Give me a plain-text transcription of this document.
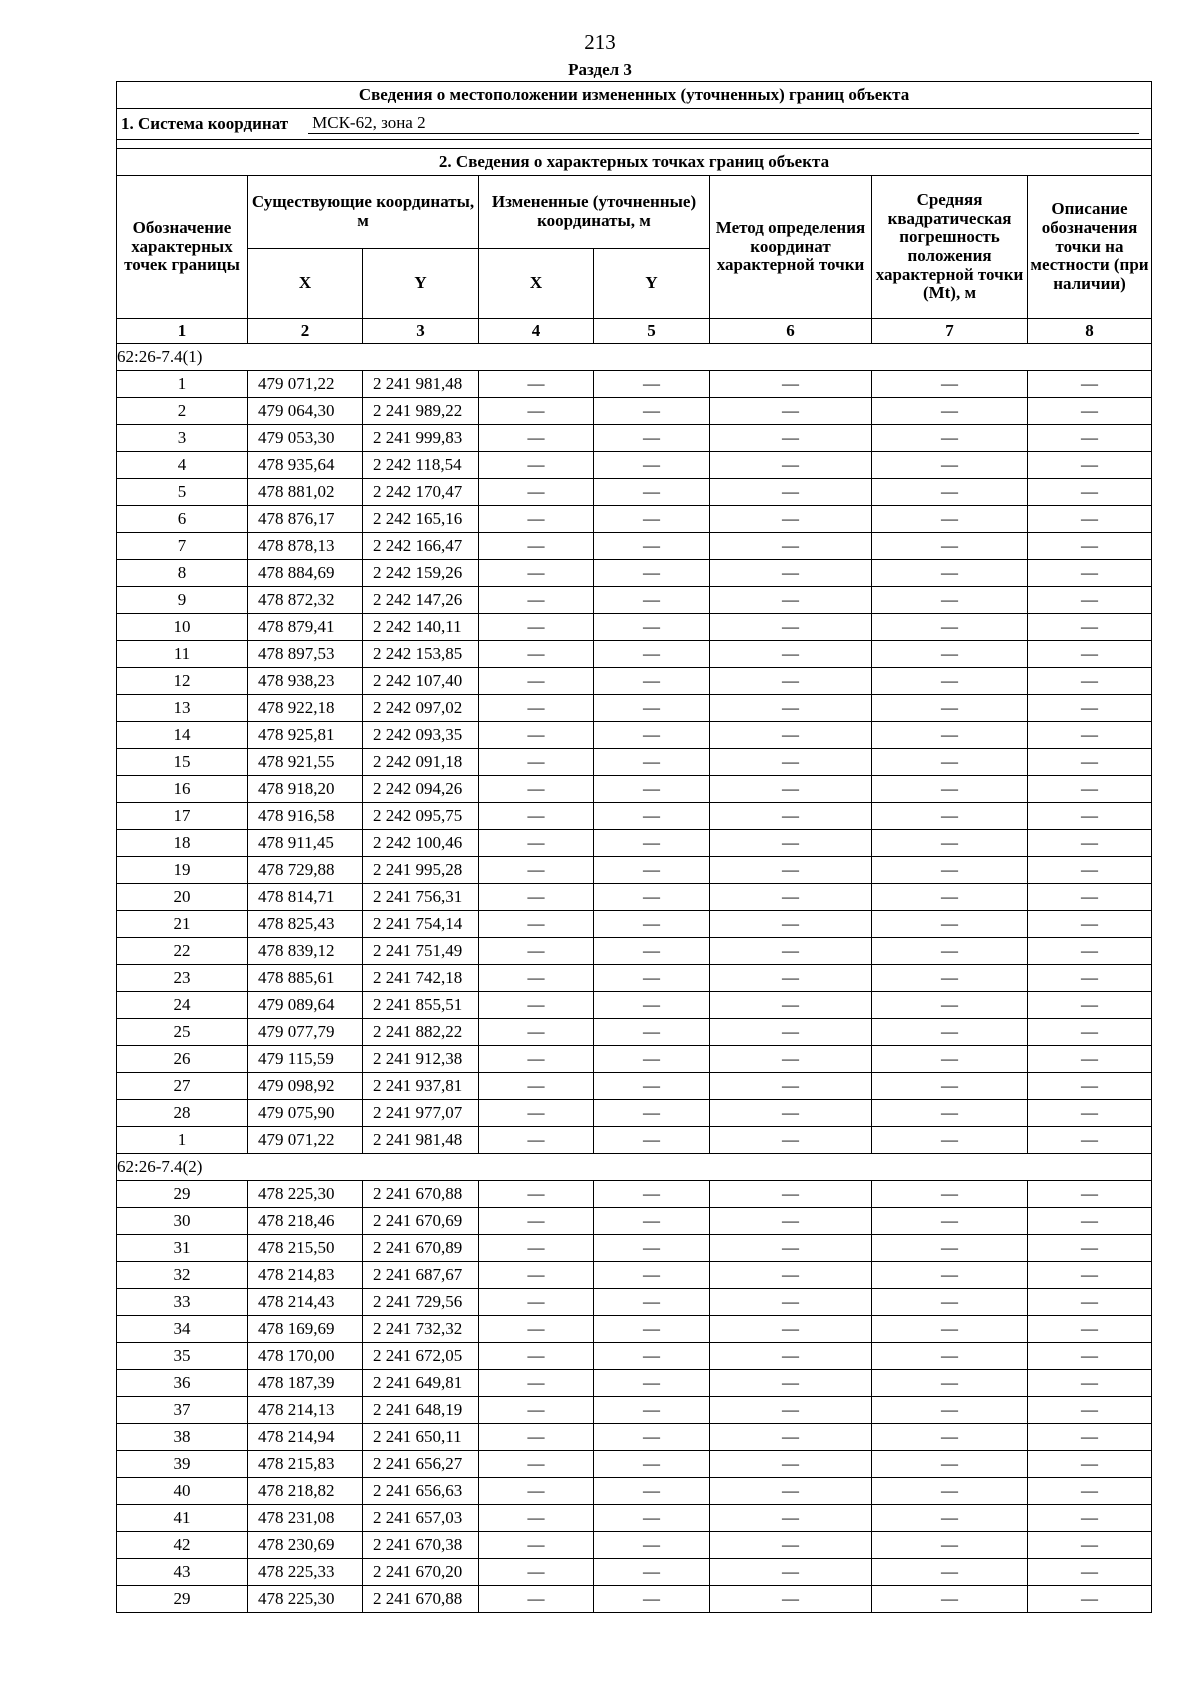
213
Раздел 3
Сведения о местоположении измененных (уточненных) границ объекта							

1. Система координат МСК-62, зона 2							

2. Сведения о характерных точках границ объекта							
Обозначение характерных точек границы	Существующие координаты, м		Измененные (уточненные) координаты, м		Метод определения координат характерной точки	Средняя квадратическая погрешность положения характерной точки (Mt), м	Описание обозначения точки на местности (при наличии)
	X	Y	X	Y			
1	2	3	4	5	6	7	8
62:26-7.4(1)							
1	479 071,22	2 241 981,48	—	—	—	—	—
2	479 064,30	2 241 989,22	—	—	—	—	—
3	479 053,30	2 241 999,83	—	—	—	—	—
4	478 935,64	2 242 118,54	—	—	—	—	—
5	478 881,02	2 242 170,47	—	—	—	—	—
6	478 876,17	2 242 165,16	—	—	—	—	—
7	478 878,13	2 242 166,47	—	—	—	—	—
8	478 884,69	2 242 159,26	—	—	—	—	—
9	478 872,32	2 242 147,26	—	—	—	—	—
10	478 879,41	2 242 140,11	—	—	—	—	—
11	478 897,53	2 242 153,85	—	—	—	—	—
12	478 938,23	2 242 107,40	—	—	—	—	—
13	478 922,18	2 242 097,02	—	—	—	—	—
14	478 925,81	2 242 093,35	—	—	—	—	—
15	478 921,55	2 242 091,18	—	—	—	—	—
16	478 918,20	2 242 094,26	—	—	—	—	—
17	478 916,58	2 242 095,75	—	—	—	—	—
18	478 911,45	2 242 100,46	—	—	—	—	—
19	478 729,88	2 241 995,28	—	—	—	—	—
20	478 814,71	2 241 756,31	—	—	—	—	—
21	478 825,43	2 241 754,14	—	—	—	—	—
22	478 839,12	2 241 751,49	—	—	—	—	—
23	478 885,61	2 241 742,18	—	—	—	—	—
24	479 089,64	2 241 855,51	—	—	—	—	—
25	479 077,79	2 241 882,22	—	—	—	—	—
26	479 115,59	2 241 912,38	—	—	—	—	—
27	479 098,92	2 241 937,81	—	—	—	—	—
28	479 075,90	2 241 977,07	—	—	—	—	—
1	479 071,22	2 241 981,48	—	—	—	—	—
62:26-7.4(2)							
29	478 225,30	2 241 670,88	—	—	—	—	—
30	478 218,46	2 241 670,69	—	—	—	—	—
31	478 215,50	2 241 670,89	—	—	—	—	—
32	478 214,83	2 241 687,67	—	—	—	—	—
33	478 214,43	2 241 729,56	—	—	—	—	—
34	478 169,69	2 241 732,32	—	—	—	—	—
35	478 170,00	2 241 672,05	—	—	—	—	—
36	478 187,39	2 241 649,81	—	—	—	—	—
37	478 214,13	2 241 648,19	—	—	—	—	—
38	478 214,94	2 241 650,11	—	—	—	—	—
39	478 215,83	2 241 656,27	—	—	—	—	—
40	478 218,82	2 241 656,63	—	—	—	—	—
41	478 231,08	2 241 657,03	—	—	—	—	—
42	478 230,69	2 241 670,38	—	—	—	—	—
43	478 225,33	2 241 670,20	—	—	—	—	—
29	478 225,30	2 241 670,88	—	—	—	—	—
